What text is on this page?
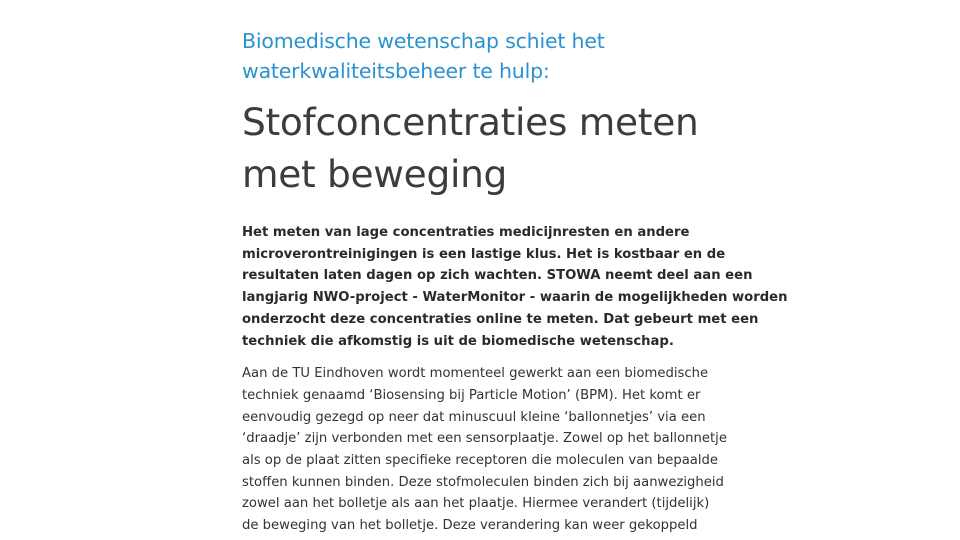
Biomedische wetenschap schiet het
waterkwaliteitsbeheer te hulp:
Stofconcentraties meten
met beweging

Het meten van lage concentraties medicijnresten en andere
microverontreinigingen is een lastige klus. Het is kostbaar en de
resultaten laten dagen op zich wachten. STOWA neemt deel aan een
langjarig NWO-project - WaterMonitor - waarin de mogelijkheden worden
onderzocht deze concentraties online te meten. Dat gebeurt met een
techniek die afkomstig is uit de biomedische wetenschap.

Aan de TU Eindhoven wordt momenteel gewerkt aan een biomedische
techniek genaamd ‘Biosensing bij Particle Motion’ (BPM). Het komt er
eenvoudig gezegd op neer dat minuscuul kleine ‘ballonnetjes’ via een
‘draadje’ zijn verbonden met een sensorplaatje. Zowel op het ballonnetje
als op de plaat zitten specifieke receptoren die moleculen van bepaalde
stoffen kunnen binden. Deze stofmoleculen binden zich bij aanwezigheid
zowel aan het bolletje als aan het plaatje. Hiermee verandert (tijdelijk)
de beweging van het bolletje. Deze verandering kan weer gekoppeld
